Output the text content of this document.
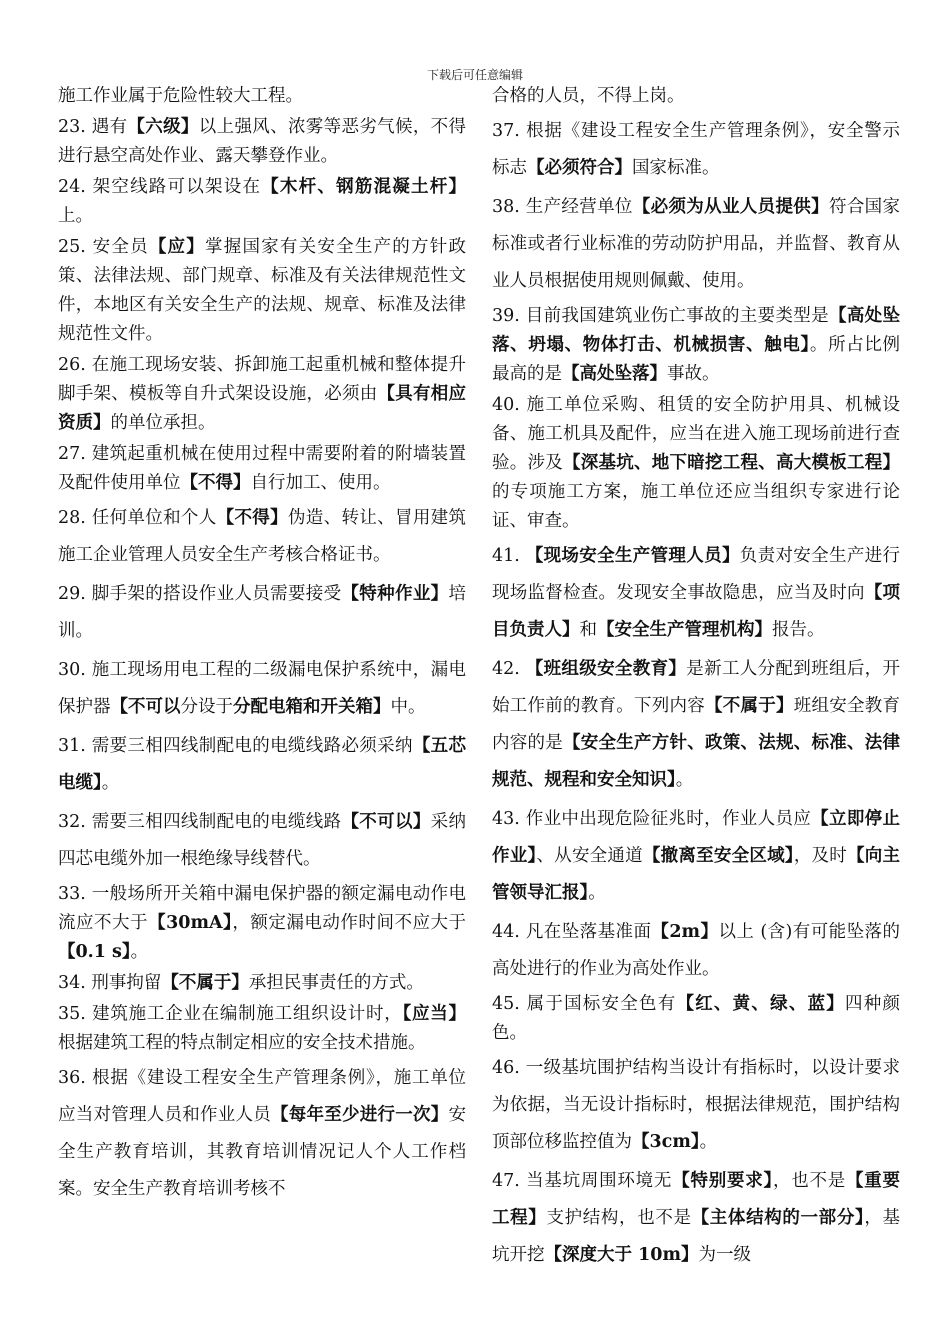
下载后可任意编辑

施工作业属于危险性较大工程。

23. 遇有【六级】以上强风、浓雾等恶劣气候，不得进行悬空高处作业、露天攀登作业。

24. 架空线路可以架设在【木杆、钢筋混凝土杆】上。

25. 安全员【应】掌握国家有关安全生产的方针政策、法律法规、部门规章、标准及有关法律规范性文件，本地区有关安全生产的法规、规章、标准及法律规范性文件。

26. 在施工现场安装、拆卸施工起重机械和整体提升脚手架、模板等自升式架设设施，必须由【具有相应资质】的单位承担。

27. 建筑起重机械在使用过程中需要附着的附墙装置及配件使用单位【不得】自行加工、使用。

28. 任何单位和个人【不得】伪造、转让、冒用建筑施工企业管理人员安全生产考核合格证书。

29. 脚手架的搭设作业人员需要接受【特种作业】培训。

30. 施工现场用电工程的二级漏电保护系统中，漏电保护器【不可以分设于分配电箱和开关箱】中。

31. 需要三相四线制配电的电缆线路必须采纳【五芯电缆】。

32. 需要三相四线制配电的电缆线路【不可以】采纳四芯电缆外加一根绝缘导线替代。

33. 一般场所开关箱中漏电保护器的额定漏电动作电流应不大于【30mA】，额定漏电动作时间不应大于【0.1 s】。

34. 刑事拘留【不属于】承担民事责任的方式。

35. 建筑施工企业在编制施工组织设计时，【应当】根据建筑工程的特点制定相应的安全技术措施。

36. 根据《建设工程安全生产管理条例》，施工单位应当对管理人员和作业人员【每年至少进行一次】安全生产教育培训，其教育培训情况记人个人工作档案。安全生产教育培训考核不

合格的人员，不得上岗。

37. 根据《建设工程安全生产管理条例》，安全警示标志【必须符合】国家标准。

38. 生产经营单位【必须为从业人员提供】符合国家标准或者行业标准的劳动防护用品，并监督、教育从业人员根据使用规则佩戴、使用。

39. 目前我国建筑业伤亡事故的主要类型是【高处坠落、坍塌、物体打击、机械损害、触电】。所占比例最高的是【高处坠落】事故。

40. 施工单位采购、租赁的安全防护用具、机械设备、施工机具及配件，应当在进入施工现场前进行查验。涉及【深基坑、地下暗挖工程、高大模板工程】的专项施工方案，施工单位还应当组织专家进行论证、审查。

41. 【现场安全生产管理人员】负责对安全生产进行现场监督检查。发现安全事故隐患，应当及时向【项目负责人】和【安全生产管理机构】报告。

42. 【班组级安全教育】是新工人分配到班组后，开始工作前的教育。下列内容【不属于】班组安全教育内容的是【安全生产方针、政策、法规、标准、法律规范、规程和安全知识】。

43. 作业中出现危险征兆时，作业人员应【立即停止作业】、从安全通道【撤离至安全区域】，及时【向主管领导汇报】。

44. 凡在坠落基准面【2m】以上 (含)有可能坠落的高处进行的作业为高处作业。

45. 属于国标安全色有【红、黄、绿、蓝】四种颜色。

46. 一级基坑围护结构当设计有指标时，以设计要求为依据，当无设计指标时，根据法律规范，围护结构顶部位移监控值为【3cm】。

47. 当基坑周围环境无【特别要求】，也不是【重要工程】支护结构，也不是【主体结构的一部分】，基坑开挖【深度大于 10m】为一级
